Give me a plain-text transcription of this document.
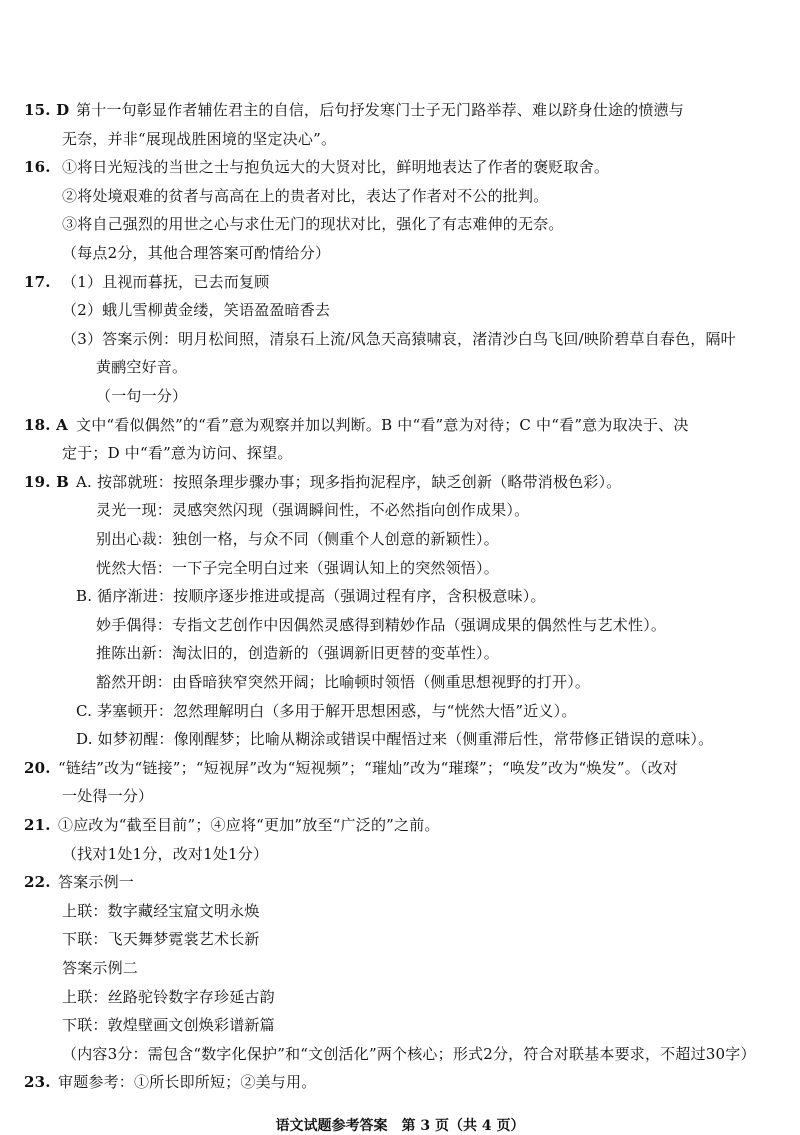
15. D 第十一句彰显作者辅佐君主的自信，后句抒发寒门士子无门路举荐、难以跻身仕途的愤懑与
无奈，并非“展现战胜困境的坚定决心”。
16. ①将日光短浅的当世之士与抱负远大的大贤对比，鲜明地表达了作者的褒贬取舍。
②将处境艰难的贫者与高高在上的贵者对比，表达了作者对不公的批判。
③将自己强烈的用世之心与求仕无门的现状对比，强化了有志难伸的无奈。
（每点2分，其他合理答案可酌情给分）
17. （1）且视而暮抚，已去而复顾
（2）蛾儿雪柳黄金缕，笑语盈盈暗香去
（3）答案示例：明月松间照，清泉石上流/风急天高猿啸哀，渚清沙白鸟飞回/映阶碧草自春色，隔叶
黄鹂空好音。
（一句一分）
18. A 文中“看似偶然”的“看”意为观察并加以判断。B 中“看”意为对待；C 中“看”意为取决于、决
定于；D 中“看”意为访问、探望。
19. B A. 按部就班：按照条理步骤办事；现多指拘泥程序，缺乏创新（略带消极色彩）。
灵光一现：灵感突然闪现（强调瞬间性，不必然指向创作成果）。
别出心裁：独创一格，与众不同（侧重个人创意的新颖性）。
恍然大悟：一下子完全明白过来（强调认知上的突然领悟）。
B. 循序渐进：按顺序逐步推进或提高（强调过程有序，含积极意味）。
妙手偶得：专指文艺创作中因偶然灵感得到精妙作品（强调成果的偶然性与艺术性）。
推陈出新：淘汰旧的，创造新的（强调新旧更替的变革性）。
豁然开朗：由昏暗狭窄突然开阔；比喻顿时领悟（侧重思想视野的打开）。
C. 茅塞顿开：忽然理解明白（多用于解开思想困惑，与“恍然大悟”近义）。
D. 如梦初醒：像刚醒梦；比喻从糊涂或错误中醒悟过来（侧重滞后性，常带修正错误的意味）。
20. “链结”改为“链接”；“短视屏”改为“短视频”；“璀灿”改为“璀璨”；“唤发”改为“焕发”。（改对
一处得一分）
21. ①应改为“截至目前”；④应将“更加”放至“广泛的”之前。
（找对1处1分，改对1处1分）
22. 答案示例一
上联：数字藏经宝窟文明永焕
下联：飞天舞梦霓裳艺术长新
答案示例二
上联：丝路驼铃数字存珍延古韵
下联：敦煌壁画文创焕彩谱新篇
（内容3分：需包含“数字化保护”和“文创活化”两个核心；形式2分，符合对联基本要求，不超过30字）
23. 审题参考：①所长即所短；②美与用。
语文试题参考答案　第 3 页（共 4 页）
